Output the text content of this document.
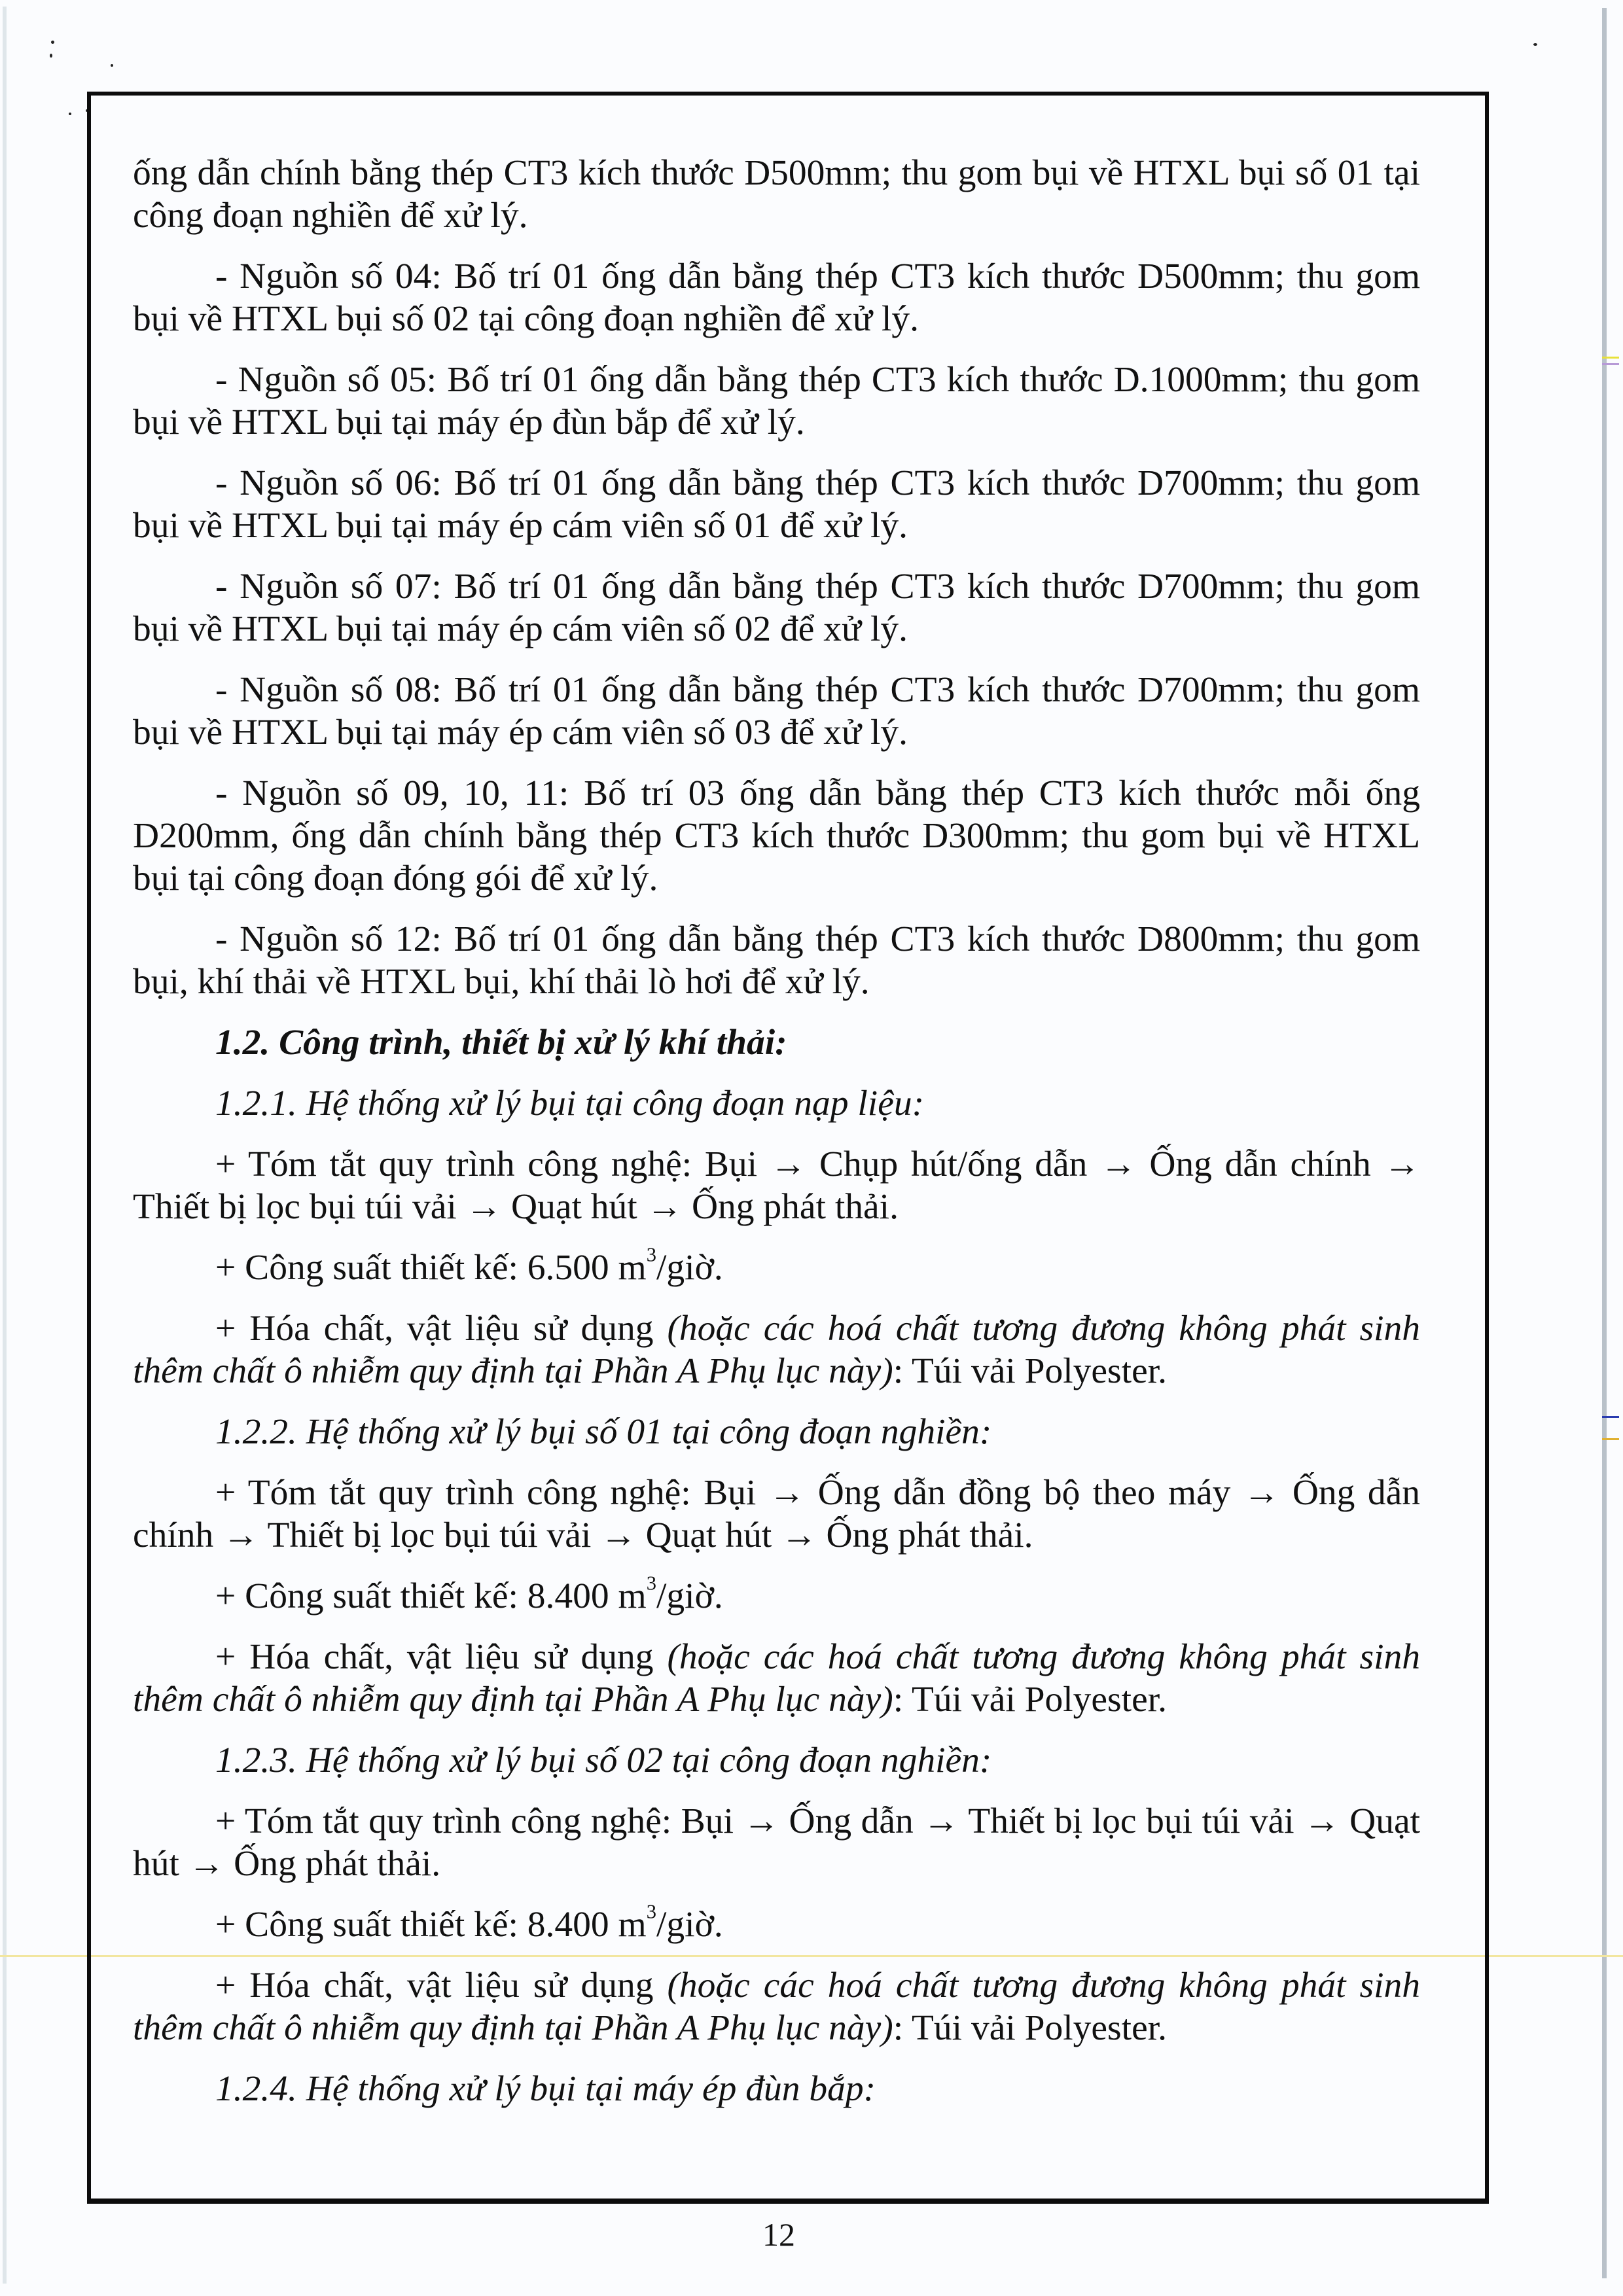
ống dẫn chính bằng thép CT3 kích thước D500mm; thu gom bụi về HTXL bụi số 01 tại công đoạn nghiền để xử lý.

- Nguồn số 04: Bố trí 01 ống dẫn bằng thép CT3 kích thước D500mm; thu gom bụi về HTXL bụi số 02 tại công đoạn nghiền để xử lý.

- Nguồn số 05: Bố trí 01 ống dẫn bằng thép CT3 kích thước D.1000mm; thu gom bụi về HTXL bụi tại máy ép đùn bắp để xử lý.

- Nguồn số 06: Bố trí 01 ống dẫn bằng thép CT3 kích thước D700mm; thu gom bụi về HTXL bụi tại máy ép cám viên số 01 để xử lý.

- Nguồn số 07: Bố trí 01 ống dẫn bằng thép CT3 kích thước D700mm; thu gom bụi về HTXL bụi tại máy ép cám viên số 02 để xử lý.

- Nguồn số 08: Bố trí 01 ống dẫn bằng thép CT3 kích thước D700mm; thu gom bụi về HTXL bụi tại máy ép cám viên số 03 để xử lý.

- Nguồn số 09, 10, 11: Bố trí 03 ống dẫn bằng thép CT3 kích thước mỗi ống D200mm, ống dẫn chính bằng thép CT3 kích thước D300mm; thu gom bụi về HTXL bụi tại công đoạn đóng gói để xử lý.

- Nguồn số 12: Bố trí 01 ống dẫn bằng thép CT3 kích thước D800mm; thu gom bụi, khí thải về HTXL bụi, khí thải lò hơi để xử lý.

1.2. Công trình, thiết bị xử lý khí thải:

1.2.1. Hệ thống xử lý bụi tại công đoạn nạp liệu:

+ Tóm tắt quy trình công nghệ: Bụi → Chụp hút/ống dẫn → Ống dẫn chính → Thiết bị lọc bụi túi vải → Quạt hút → Ống phát thải.

+ Công suất thiết kế: 6.500 $m^3$/giờ.

+ Hóa chất, vật liệu sử dụng (hoặc các hoá chất tương đương không phát sinh thêm chất ô nhiễm quy định tại Phần A Phụ lục này): Túi vải Polyester.

1.2.2. Hệ thống xử lý bụi số 01 tại công đoạn nghiền:

+ Tóm tắt quy trình công nghệ: Bụi → Ống dẫn đồng bộ theo máy → Ống dẫn chính → Thiết bị lọc bụi túi vải → Quạt hút → Ống phát thải.

+ Công suất thiết kế: 8.400 $m^3$/giờ.

+ Hóa chất, vật liệu sử dụng (hoặc các hoá chất tương đương không phát sinh thêm chất ô nhiễm quy định tại Phần A Phụ lục này): Túi vải Polyester.

1.2.3. Hệ thống xử lý bụi số 02 tại công đoạn nghiền:

+ Tóm tắt quy trình công nghệ: Bụi → Ống dẫn → Thiết bị lọc bụi túi vải → Quạt hút → Ống phát thải.

+ Công suất thiết kế: 8.400 $m^3$/giờ.

+ Hóa chất, vật liệu sử dụng (hoặc các hoá chất tương đương không phát sinh thêm chất ô nhiễm quy định tại Phần A Phụ lục này): Túi vải Polyester.

1.2.4. Hệ thống xử lý bụi tại máy ép đùn bắp:

12
